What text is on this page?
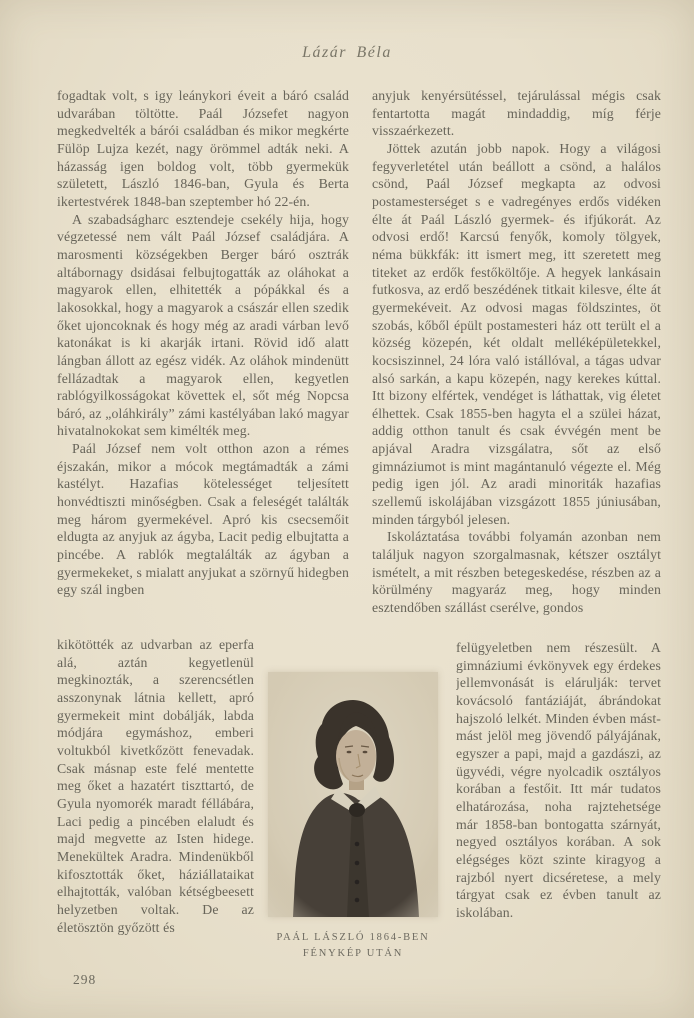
Lázár Béla

fogadtak volt, s igy leánykori éveit a báró család udvarában töltötte. Paál Józsefet nagyon megkedvelték a bárói családban és mikor megkérte Fülöp Lujza kezét, nagy örömmel adták neki. A házasság igen boldog volt, több gyermekük született, László 1846-ban, Gyula és Berta ikertestvérek 1848-ban szeptember hó 22-én.

A szabadságharc esztendeje csekély hija, hogy végzetessé nem vált Paál József családjára. A marosmenti községekben Berger báró osztrák altábornagy dsidásai felbujtogatták az oláhokat a magyarok ellen, elhitették a pópákkal és a lakosokkal, hogy a magyarok a császár ellen szedik őket ujoncoknak és hogy még az aradi várban levő katonákat is ki akarják irtani. Rövid idő alatt lángban állott az egész vidék. Az oláhok mindenütt fellázadtak a magyarok ellen, kegyetlen rablógyilkosságokat követtek el, sőt még Nopcsa báró, az „oláhkirály” zámi kastélyában lakó magyar hivatalnokokat sem kimélték meg.

Paál József nem volt otthon azon a rémes éjszakán, mikor a mócok megtámadták a zámi kastélyt. Hazafias kötelességet teljesített honvédtiszti minőségben. Csak a feleségét találták meg három gyermekével. Apró kis csecsemőit eldugta az anyjuk az ágyba, Lacit pedig elbujtatta a pincébe. A rablók megtalálták az ágyban a gyermekeket, s mialatt anyjukat a szörnyű hidegben egy szál ingben

kikötötték az udvarban az eperfa alá, aztán kegyetlenül megkinozták, a szerencsétlen asszonynak látnia kellett, apró gyermekeit mint dobálják, labda módjára egymáshoz, emberi voltukból kivetkőzött fenevadak. Csak másnap este felé mentette meg őket a hazatért tiszttartó, de Gyula nyomorék maradt féllábára, Laci pedig a pincében elaludt és majd megvette az Isten hidege. Menekültek Aradra. Mindenükből kifosztották őket, háziállataikat elhajtották, valóban kétségbeesett helyzetben voltak. De az életösztön győzött és

anyjuk kenyérsütéssel, tejárulással mégis csak fentartotta magát mindaddig, míg férje visszaérkezett.

Jöttek azután jobb napok. Hogy a világosi fegyverletétel után beállott a csönd, a halálos csönd, Paál József megkapta az odvosi postamesterséget s e vadregényes erdős vidéken élte át Paál László gyermek- és ifjúkorát. Az odvosi erdő! Karcsú fenyők, komoly tölgyek, néma bükkfák: itt ismert meg, itt szeretett meg titeket az erdők festőköltője. A hegyek lankásain futkosva, az erdő beszédének titkait kilesve, élte át gyermekéveit. Az odvosi magas földszintes, öt szobás, kőből épült postamesteri ház ott terült el a község közepén, két oldalt melléképületekkel, kocsiszinnel, 24 lóra való istállóval, a tágas udvar alsó sarkán, a kapu közepén, nagy kerekes kúttal. Itt bizony elfértek, vendéget is láthattak, vig életet élhettek. Csak 1855-ben hagyta el a szülei házat, addig otthon tanult és csak évvégén ment be apjával Aradra vizsgálatra, sőt az első gimnáziumot is mint magántanuló végezte el. Még pedig igen jól. Az aradi minoriták hazafias szellemű iskolájában vizsgázott 1855 júniusában, minden tárgyból jelesen.

Iskoláztatása további folyamán azonban nem találjuk nagyon szorgalmasnak, kétszer osztályt ismételt, a mit részben betegeskedése, részben az a körülmény magyaráz meg, hogy minden esztendőben szállást cserélve, gondos

felügyeletben nem részesült. A gimnáziumi évkönyvek egy érdekes jellemvonását is elárulják: tervet kovácsoló fantáziáját, ábrándokat hajszoló lelkét. Minden évben mást-mást jelöl meg jövendő pályájának, egyszer a papi, majd a gazdászi, az ügyvédi, végre nyolcadik osztályos korában a festőit. Itt már tudatos elhatározása, noha rajztehetsége már 1858-ban bontogatta szárnyát, negyed osztályos korában. A sok elégséges közt szinte kiragyog a rajzból nyert dicséretese, a mely tárgyat csak ez évben tanult az iskolában.

PAÁL LÁSZLÓ 1864-BEN
FÉNYKÉP UTÁN
298
